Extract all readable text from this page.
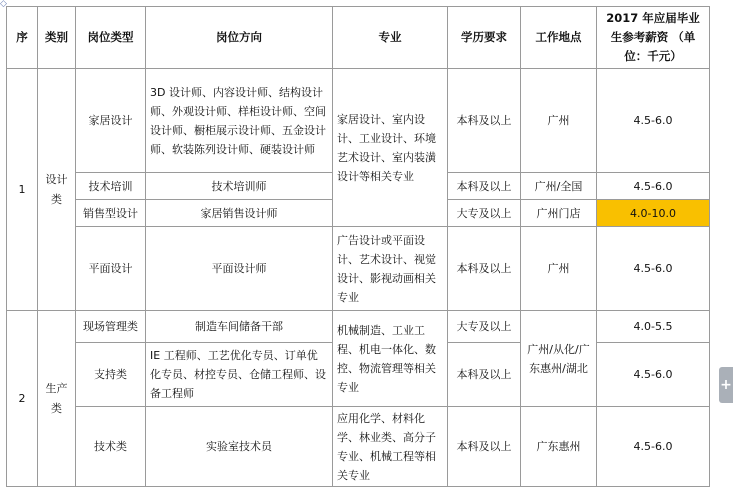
◇
序	类别	岗位类型	岗位方向	专业	学历要求	工作地点	2017 年应届毕业生参考薪资 （单位：千元）
1	设计类	家居设计	3D 设计师、内容设计师、结构设计师、外观设计师、样柜设计师、空间设计师、橱柜展示设计师、五金设计师、软装陈列设计师、硬装设计师	家居设计、室内设计、工业设计、环境艺术设计、室内装潢设计等相关专业	本科及以上	广州	4.5-6.0
		技术培训	技术培训师		本科及以上	广州/全国	4.5-6.0
		销售型设计	家居销售设计师		大专及以上	广州门店	4.0-10.0
		平面设计	平面设计师	广告设计或平面设计、艺术设计、视觉设计、影视动画相关专业	本科及以上	广州	4.5-6.0
2	生产类	现场管理类	制造车间储备干部	机械制造、工业工程、机电一体化、数控、物流管理等相关专业	大专及以上	广州/从化/广东惠州/湖北	4.0-5.5
		支持类	IE 工程师、工艺优化专员、订单优化专员、材控专员、仓储工程师、设备工程师		本科及以上		4.5-6.0
		技术类	实验室技术员	应用化学、材料化学、林业类、高分子专业、机械工程等相关专业	本科及以上	广东惠州	4.5-6.0
+
